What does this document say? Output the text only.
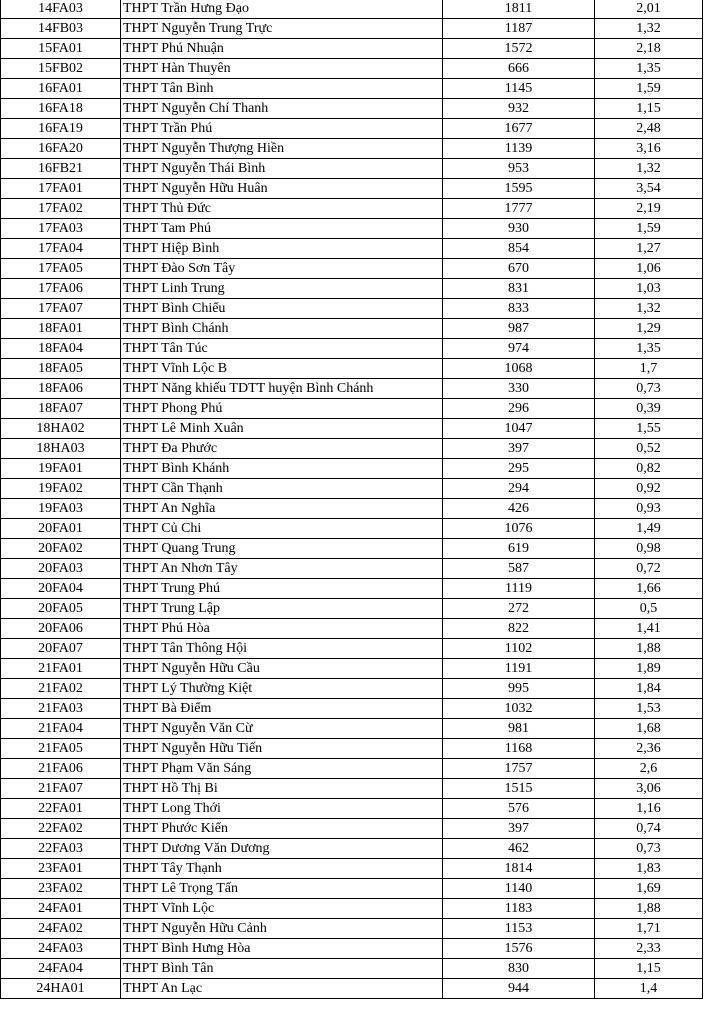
14FA03	THPT Trần Hưng Đạo	1811	2,01
14FB03	THPT Nguyễn Trung Trực	1187	1,32
15FA01	THPT Phú Nhuận	1572	2,18
15FB02	THPT Hàn Thuyên	666	1,35
16FA01	THPT Tân Bình	1145	1,59
16FA18	THPT Nguyễn Chí Thanh	932	1,15
16FA19	THPT Trần Phú	1677	2,48
16FA20	THPT Nguyễn Thượng Hiền	1139	3,16
16FB21	THPT Nguyễn Thái Bình	953	1,32
17FA01	THPT Nguyễn Hữu Huân	1595	3,54
17FA02	THPT Thủ Đức	1777	2,19
17FA03	THPT Tam Phú	930	1,59
17FA04	THPT Hiệp Bình	854	1,27
17FA05	THPT Đào Sơn Tây	670	1,06
17FA06	THPT Linh Trung	831	1,03
17FA07	THPT Bình Chiểu	833	1,32
18FA01	THPT Bình Chánh	987	1,29
18FA04	THPT Tân Túc	974	1,35
18FA05	THPT Vĩnh Lộc B	1068	1,7
18FA06	THPT Năng khiếu TDTT huyện Bình Chánh	330	0,73
18FA07	THPT Phong Phú	296	0,39
18HA02	THPT Lê Minh Xuân	1047	1,55
18HA03	THPT Đa Phước	397	0,52
19FA01	THPT Bình Khánh	295	0,82
19FA02	THPT Cần Thạnh	294	0,92
19FA03	THPT An Nghĩa	426	0,93
20FA01	THPT Củ Chi	1076	1,49
20FA02	THPT Quang Trung	619	0,98
20FA03	THPT An Nhơn Tây	587	0,72
20FA04	THPT Trung Phú	1119	1,66
20FA05	THPT Trung Lập	272	0,5
20FA06	THPT Phú Hòa	822	1,41
20FA07	THPT Tân Thông Hội	1102	1,88
21FA01	THPT Nguyễn Hữu Cầu	1191	1,89
21FA02	THPT Lý Thường Kiệt	995	1,84
21FA03	THPT Bà Điểm	1032	1,53
21FA04	THPT Nguyễn Văn Cừ	981	1,68
21FA05	THPT Nguyễn Hữu Tiến	1168	2,36
21FA06	THPT Phạm Văn Sáng	1757	2,6
21FA07	THPT Hồ Thị Bi	1515	3,06
22FA01	THPT Long Thới	576	1,16
22FA02	THPT Phước Kiển	397	0,74
22FA03	THPT Dương Văn Dương	462	0,73
23FA01	THPT Tây Thạnh	1814	1,83
23FA02	THPT Lê Trọng Tấn	1140	1,69
24FA01	THPT Vĩnh Lộc	1183	1,88
24FA02	THPT Nguyễn Hữu Cảnh	1153	1,71
24FA03	THPT Bình Hưng Hòa	1576	2,33
24FA04	THPT Bình Tân	830	1,15
24HA01	THPT An Lạc	944	1,4
